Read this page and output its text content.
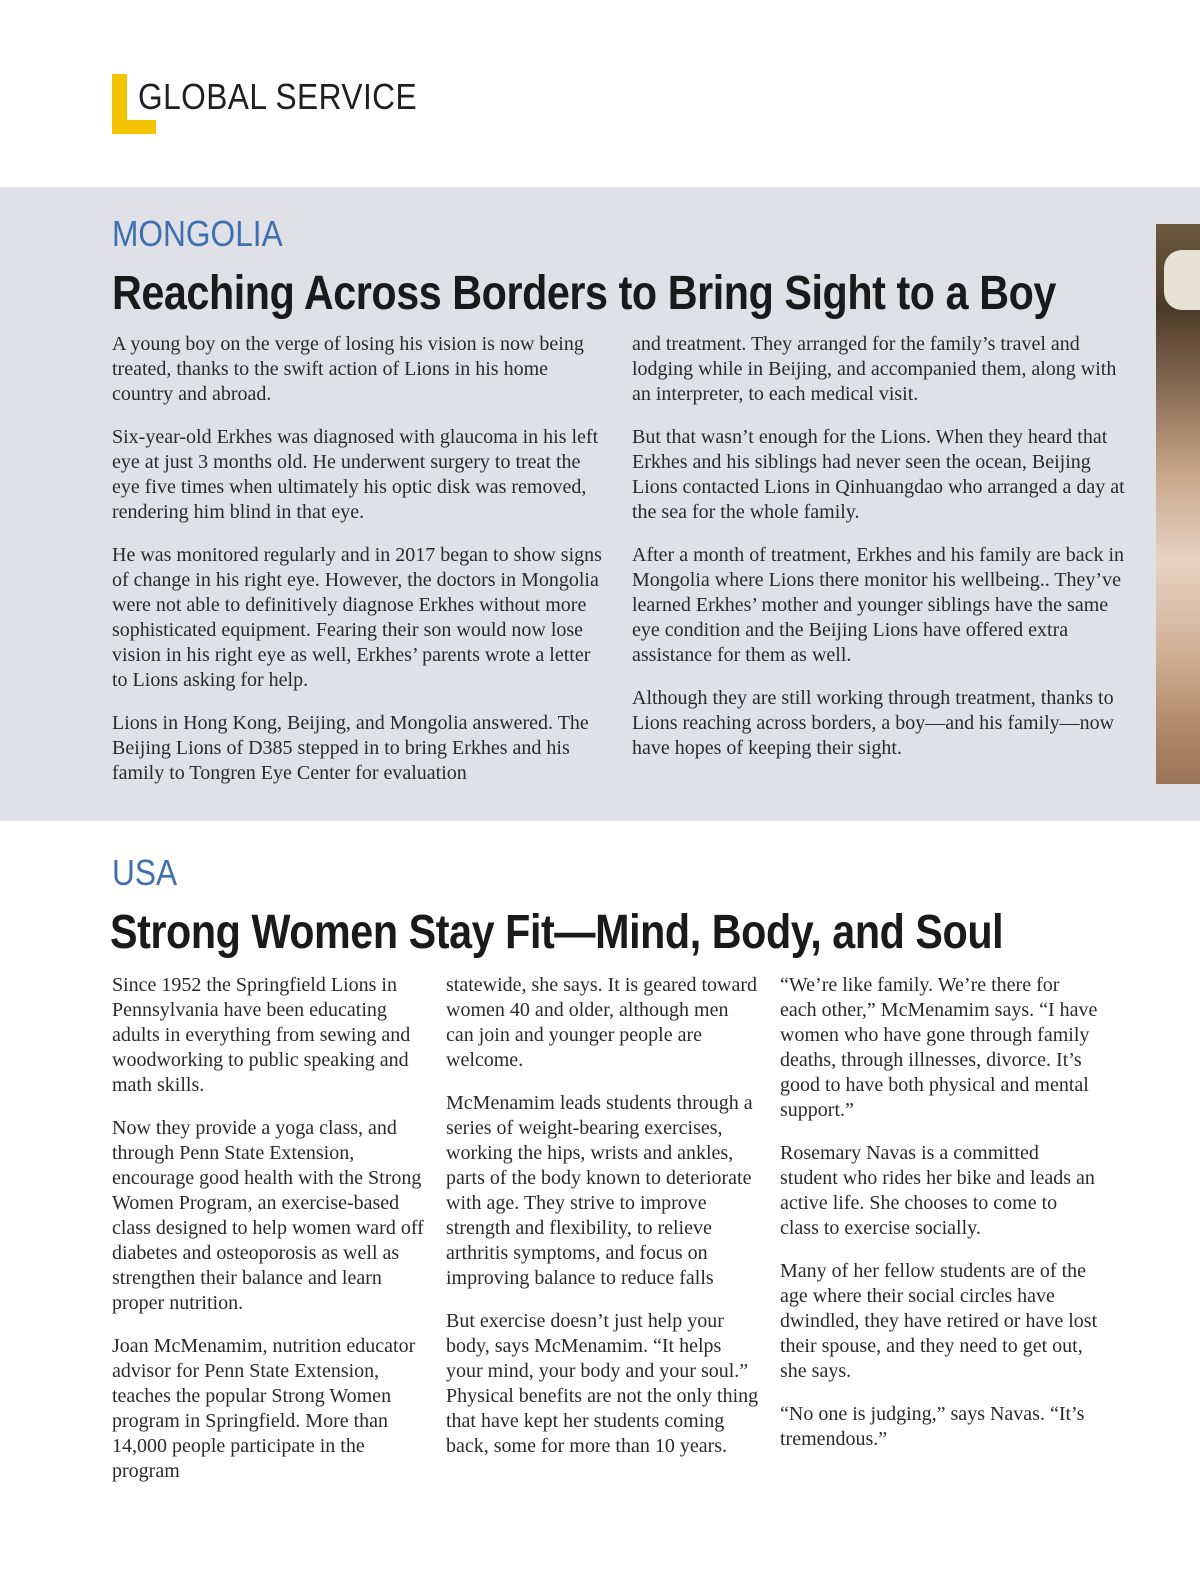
GLOBAL SERVICE
MONGOLIA
Reaching Across Borders to Bring Sight to a Boy

A young boy on the verge of losing his vision is now being treated, thanks to the swift action of Lions in his home country and abroad.

Six-year-old Erkhes was diagnosed with glaucoma in his left eye at just 3 months old. He underwent surgery to treat the eye five times when ultimately his optic disk was removed, rendering him blind in that eye.

He was monitored regularly and in 2017 began to show signs of change in his right eye. However, the doctors in Mongolia were not able to definitively diagnose Erkhes without more sophisticated equipment. Fearing their son would now lose vision in his right eye as well, Erkhes’ parents wrote a letter to Lions asking for help.

Lions in Hong Kong, Beijing, and Mongolia answered. The Beijing Lions of D385 stepped in to bring Erkhes and his family to Tongren Eye Center for evaluation

and treatment. They arranged for the family’s travel and lodging while in Beijing, and accompanied them, along with an interpreter, to each medical visit.

But that wasn’t enough for the Lions. When they heard that Erkhes and his siblings had never seen the ocean, Beijing Lions contacted Lions in Qinhuangdao who arranged a day at the sea for the whole family.

After a month of treatment, Erkhes and his family are back in Mongolia where Lions there monitor his wellbeing.. They’ve learned Erkhes’ mother and younger siblings have the same eye condition and the Beijing Lions have offered extra assistance for them as well.

Although they are still working through treatment, thanks to Lions reaching across borders, a boy—and his family—now have hopes of keeping their sight.

USA
Strong Women Stay Fit—Mind, Body, and Soul

Since 1952 the Springfield Lions in Pennsylvania have been educating adults in everything from sewing and woodworking to public speaking and math skills.

Now they provide a yoga class, and through Penn State Extension, encourage good health with the Strong Women Program, an exercise-based class designed to help women ward off diabetes and osteoporosis as well as strengthen their balance and learn proper nutrition.

Joan McMenamim, nutrition educator advisor for Penn State Extension, teaches the popular Strong Women program in Springfield. More than 14,000 people participate in the program

statewide, she says. It is geared toward women 40 and older, although men can join and younger people are welcome.

McMenamim leads students through a series of weight-bearing exercises, working the hips, wrists and ankles, parts of the body known to deteriorate with age. They strive to improve strength and flexibility, to relieve arthritis symptoms, and focus on improving balance to reduce falls

But exercise doesn’t just help your body, says McMenamim. “It helps your mind, your body and your soul.” Physical benefits are not the only thing that have kept her students coming back, some for more than 10 years.

“We’re like family. We’re there for each other,” McMenamim says. “I have women who have gone through family deaths, through illnesses, divorce. It’s good to have both physical and mental support.”

Rosemary Navas is a committed student who rides her bike and leads an active life. She chooses to come to class to exercise socially.

Many of her fellow students are of the age where their social circles have dwindled, they have retired or have lost their spouse, and they need to get out, she says.

“No one is judging,” says Navas. “It’s tremendous.”
